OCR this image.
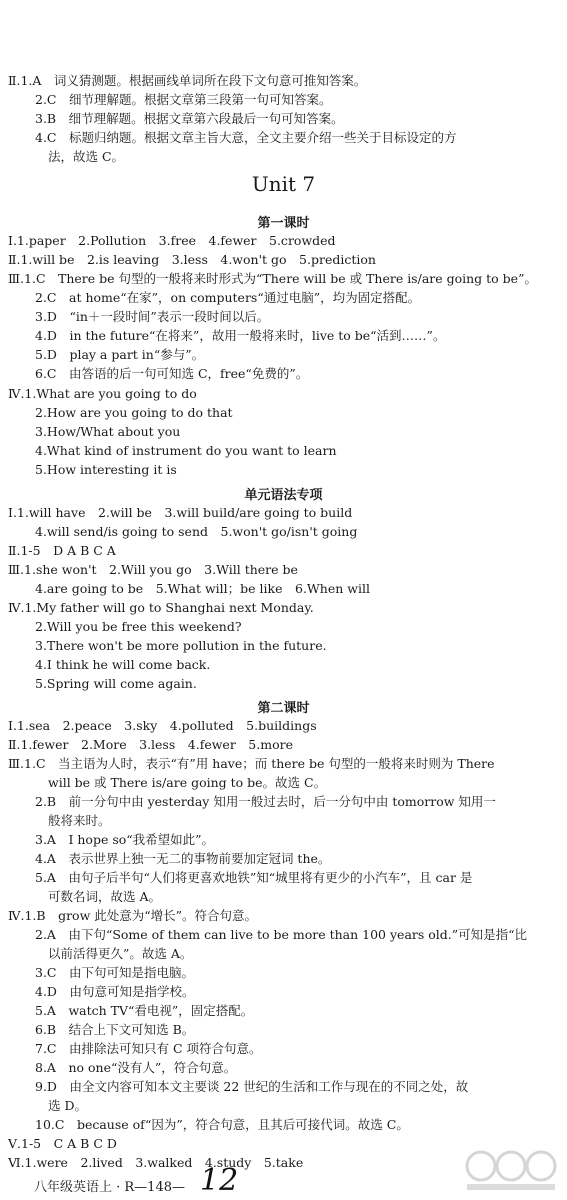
Ⅱ.1.A　词义猜测题。根据画线单词所在段下文句意可推知答案。
2.C　细节理解题。根据文章第三段第一句可知答案。
3.B　细节理解题。根据文章第六段最后一句可知答案。
4.C　标题归纳题。根据文章主旨大意，全文主要介绍一些关于目标设定的方
法，故选 C。
Unit 7
第一课时
Ⅰ.1.paper　2.Pollution　3.free　4.fewer　5.crowded
Ⅱ.1.will be　2.is leaving　3.less　4.won't go　5.prediction
Ⅲ.1.C　There be 句型的一般将来时形式为“There will be 或 There is/are going to be”。
2.C　at home“在家”，on computers“通过电脑”，均为固定搭配。
3.D　“in＋一段时间”表示一段时间以后。
4.D　in the future“在将来”，故用一般将来时，live to be“活到……”。
5.D　play a part in“参与”。
6.C　由答语的后一句可知选 C，free“免费的”。
Ⅳ.1.What are you going to do
2.How are you going to do that
3.How/What about you
4.What kind of instrument do you want to learn
5.How interesting it is
单元语法专项
Ⅰ.1.will have　2.will be　3.will build/are going to build
4.will send/is going to send　5.won't go/isn't going
Ⅱ.1-5　D A B C A
Ⅲ.1.she won't　2.Will you go　3.Will there be
4.are going to be　5.What will；be like　6.When will
Ⅳ.1.My father will go to Shanghai next Monday.
2.Will you be free this weekend?
3.There won't be more pollution in the future.
4.I think he will come back.
5.Spring will come again.
第二课时
Ⅰ.1.sea　2.peace　3.sky　4.polluted　5.buildings
Ⅱ.1.fewer　2.More　3.less　4.fewer　5.more
Ⅲ.1.C　当主语为人时，表示“有”用 have；而 there be 句型的一般将来时则为 There
will be 或 There is/are going to be。故选 C。
2.B　前一分句中由 yesterday 知用一般过去时，后一分句中由 tomorrow 知用一
般将来时。
3.A　I hope so“我希望如此”。
4.A　表示世界上独一无二的事物前要加定冠词 the。
5.A　由句子后半句“人们将更喜欢地铁”知“城里将有更少的小汽车”，且 car 是
可数名词，故选 A。
Ⅳ.1.B　grow 此处意为“增长”。符合句意。
2.A　由下句“Some of them can live to be more than 100 years old.”可知是指“比
以前活得更久”。故选 A。
3.C　由下句可知是指电脑。
4.D　由句意可知是指学校。
5.A　watch TV“看电视”，固定搭配。
6.B　结合上下文可知选 B。
7.C　由排除法可知只有 C 项符合句意。
8.A　no one“没有人”，符合句意。
9.D　由全文内容可知本文主要谈 22 世纪的生活和工作与现在的不同之处，故
选 D。
10.C　because of“因为”，符合句意，且其后可接代词。故选 C。
Ⅴ.1-5　C A B C D
Ⅵ.1.were　2.lived　3.walked　4.study　5.take
八年级英语上 · R—148— 12
